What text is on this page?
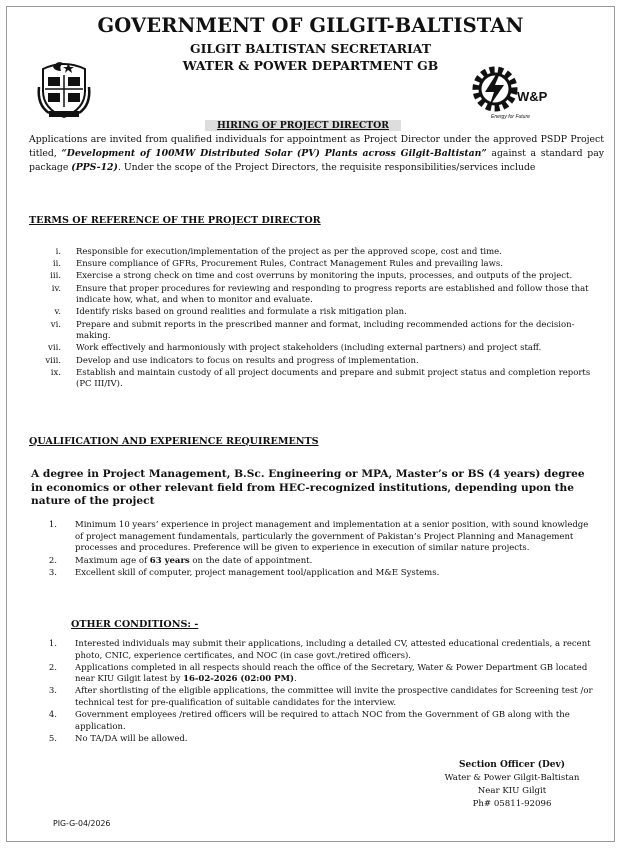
GOVERNMENT OF GILGIT-BALTISTAN
GILGIT BALTISTAN SECRETARIAT
WATER & POWER DEPARTMENT GB
W&P
Energy for Future
HIRING OF PROJECT DIRECTOR
Applications are invited from qualified individuals for appointment as Project Director under the approved PSDP Project titled, “Development of 100MW Distributed Solar (PV) Plants across Gilgit-Baltistan” against a standard pay package (PPS-12). Under the scope of the Project Directors, the requisite responsibilities/services include
TERMS OF REFERENCE OF THE PROJECT DIRECTOR
i. Responsible for execution/implementation of the project as per the approved scope, cost and time.
ii. Ensure compliance of GFRs, Procurement Rules, Contract Management Rules and prevailing laws.
iii. Exercise a strong check on time and cost overruns by monitoring the inputs, processes, and outputs of the project.
iv. Ensure that proper procedures for reviewing and responding to progress reports are established and follow those that indicate how, what, and when to monitor and evaluate.
v. Identify risks based on ground realities and formulate a risk mitigation plan.
vi. Prepare and submit reports in the prescribed manner and format, including recommended actions for the decision-making.
vii. Work effectively and harmoniously with project stakeholders (including external partners) and project staff.
viii. Develop and use indicators to focus on results and progress of implementation.
ix. Establish and maintain custody of all project documents and prepare and submit project status and completion reports (PC III/IV).
QUALIFICATION AND EXPERIENCE REQUIREMENTS
A degree in Project Management, B.Sc. Engineering or MPA, Master’s or BS (4 years) degree in economics or other relevant field from HEC-recognized institutions, depending upon the nature of the project
1. Minimum 10 years’ experience in project management and implementation at a senior position, with sound knowledge of project management fundamentals, particularly the government of Pakistan’s Project Planning and Management processes and procedures. Preference will be given to experience in execution of similar nature projects.
2. Maximum age of 63 years on the date of appointment.
3. Excellent skill of computer, project management tool/application and M&E Systems.
OTHER CONDITIONS: -
1. Interested individuals may submit their applications, including a detailed CV, attested educational credentials, a recent photo, CNIC, experience certificates, and NOC (in case govt./retired officers).
2. Applications completed in all respects should reach the office of the Secretary, Water & Power Department GB located near KIU Gilgit latest by 16-02-2026 (02:00 PM).
3. After shortlisting of the eligible applications, the committee will invite the prospective candidates for Screening test /or technical test for pre-qualification of suitable candidates for the interview.
4. Government employees /retired officers will be required to attach NOC from the Government of GB along with the application.
5. No TA/DA will be allowed.
Section Officer (Dev)
Water & Power Gilgit-Baltistan
Near KIU Gilgit
Ph# 05811-92096
PIG-G-04/2026
